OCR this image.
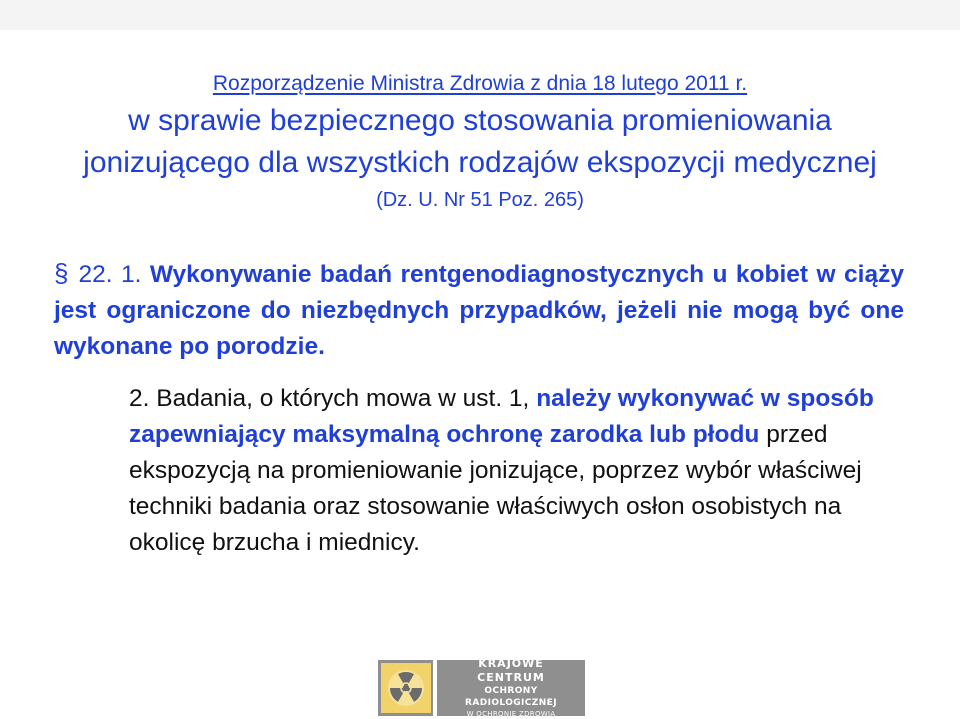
Rozporządzenie Ministra Zdrowia z dnia 18 lutego 2011 r.
w sprawie bezpiecznego stosowania promieniowania
jonizującego dla wszystkich rodzajów ekspozycji medycznej
(Dz. U. Nr 51 Poz. 265)

§ 22. 1. Wykonywanie badań rentgenodiagnostycznych u kobiet w ciąży jest ograniczone do niezbędnych przypadków, jeżeli nie mogą być one wykonane po porodzie.

2. Badania, o których mowa w ust. 1, należy wykonywać w sposób zapewniający maksymalną ochronę zarodka lub płodu przed ekspozycją na promieniowanie jonizujące, poprzez wybór właściwej techniki badania oraz stosowanie właściwych osłon osobistych na okolicę brzucha i miednicy.

KRAJOWE CENTRUM
OCHRONY RADIOLOGICZNEJ
W OCHRONIE ZDROWIA
